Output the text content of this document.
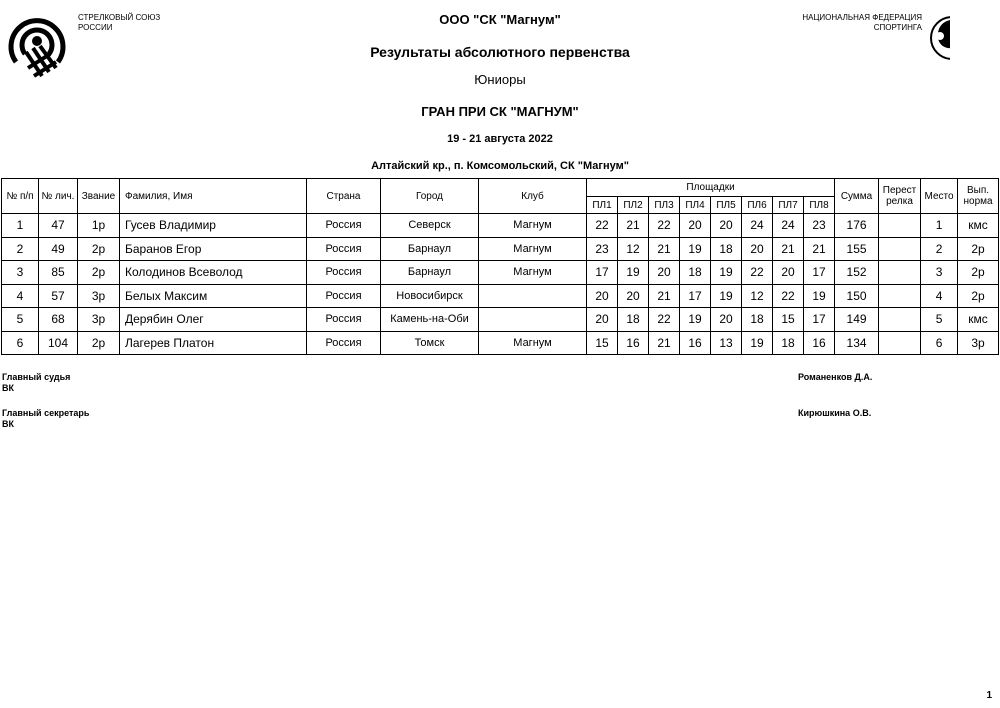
СТРЕЛКОВЫЙ СОЮЗ
РОССИИ
НАЦИОНАЛЬНАЯ ФЕДЕРАЦИЯ
СПОРТИНГА
ООО "СК "Магнум"
Результаты абсолютного первенства
Юниоры
ГРАН ПРИ СК "МАГНУМ"
19 - 21 августа 2022
Алтайский кр., п. Комсомольский, СК "Магнум"
№ п/п	№ лич.	Звание	Фамилия, Имя	Страна	Город	Клуб	Площадки								Сумма	Перест релка	Место	Вып. норма
							ПЛ1	ПЛ2	ПЛ3	ПЛ4	ПЛ5	ПЛ6	ПЛ7	ПЛ8				
1	47	1р	Гусев Владимир	Россия	Северск	Магнум	22	21	22	20	20	24	24	23	176		1	кмс
2	49	2р	Баранов Егор	Россия	Барнаул	Магнум	23	12	21	19	18	20	21	21	155		2	2р
3	85	2р	Колодинов Всеволод	Россия	Барнаул	Магнум	17	19	20	18	19	22	20	17	152		3	2р
4	57	3р	Белых Максим	Россия	Новосибирск		20	20	21	17	19	12	22	19	150		4	2р
5	68	3р	Дерябин Олег	Россия	Камень-на-Оби		20	18	22	19	20	18	15	17	149		5	кмс
6	104	2р	Лагерев Платон	Россия	Томск	Магнум	15	16	21	16	13	19	18	16	134		6	3р
Главный судья
ВК
Романенков Д.А.
Главный секретарь
ВК
Кирюшкина О.В.
1
